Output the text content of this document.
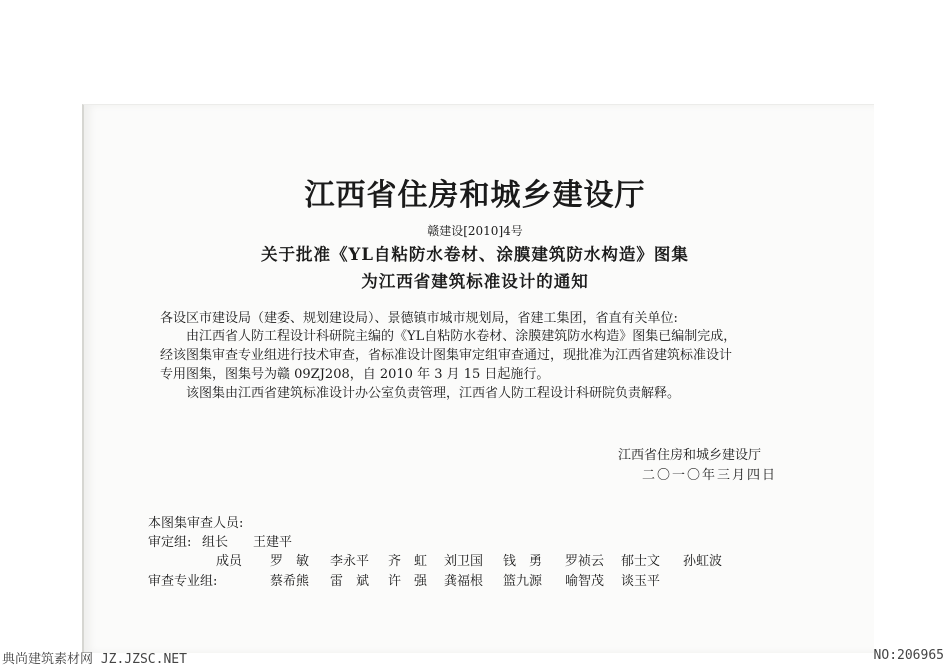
江西省住房和城乡建设厅
赣建设[2010]4号
关于批准《YL自粘防水卷材、涂膜建筑防水构造》图集
为江西省建筑标准设计的通知
各设区市建设局（建委、规划建设局）、景德镇市城市规划局，省建工集团，省直有关单位:
由江西省人防工程设计科研院主编的《YL自粘防水卷材、涂膜建筑防水构造》图集已编制完成，
经该图集审查专业组进行技术审查，省标准设计图集审定组审查通过，现批准为江西省建筑标准设计
专用图集，图集号为赣 09ZJ208，自 2010 年 3 月 15 日起施行。
该图集由江西省建筑标准设计办公室负责管理，江西省人防工程设计科研院负责解释。
江西省住房和城乡建设厅
二〇一〇年三月四日
本图集审查人员:
审定组: 组长 王建平
成员 罗　敏 李永平 齐　虹 刘卫国 钱　勇 罗祯云 郁士文 孙虹波
审查专业组:	蔡希熊 雷　斌 许　强 龚福根 篮九源 喻智茂 谈玉平
典尚建筑素材网 JZ.JZSC.NET	NO:206965
